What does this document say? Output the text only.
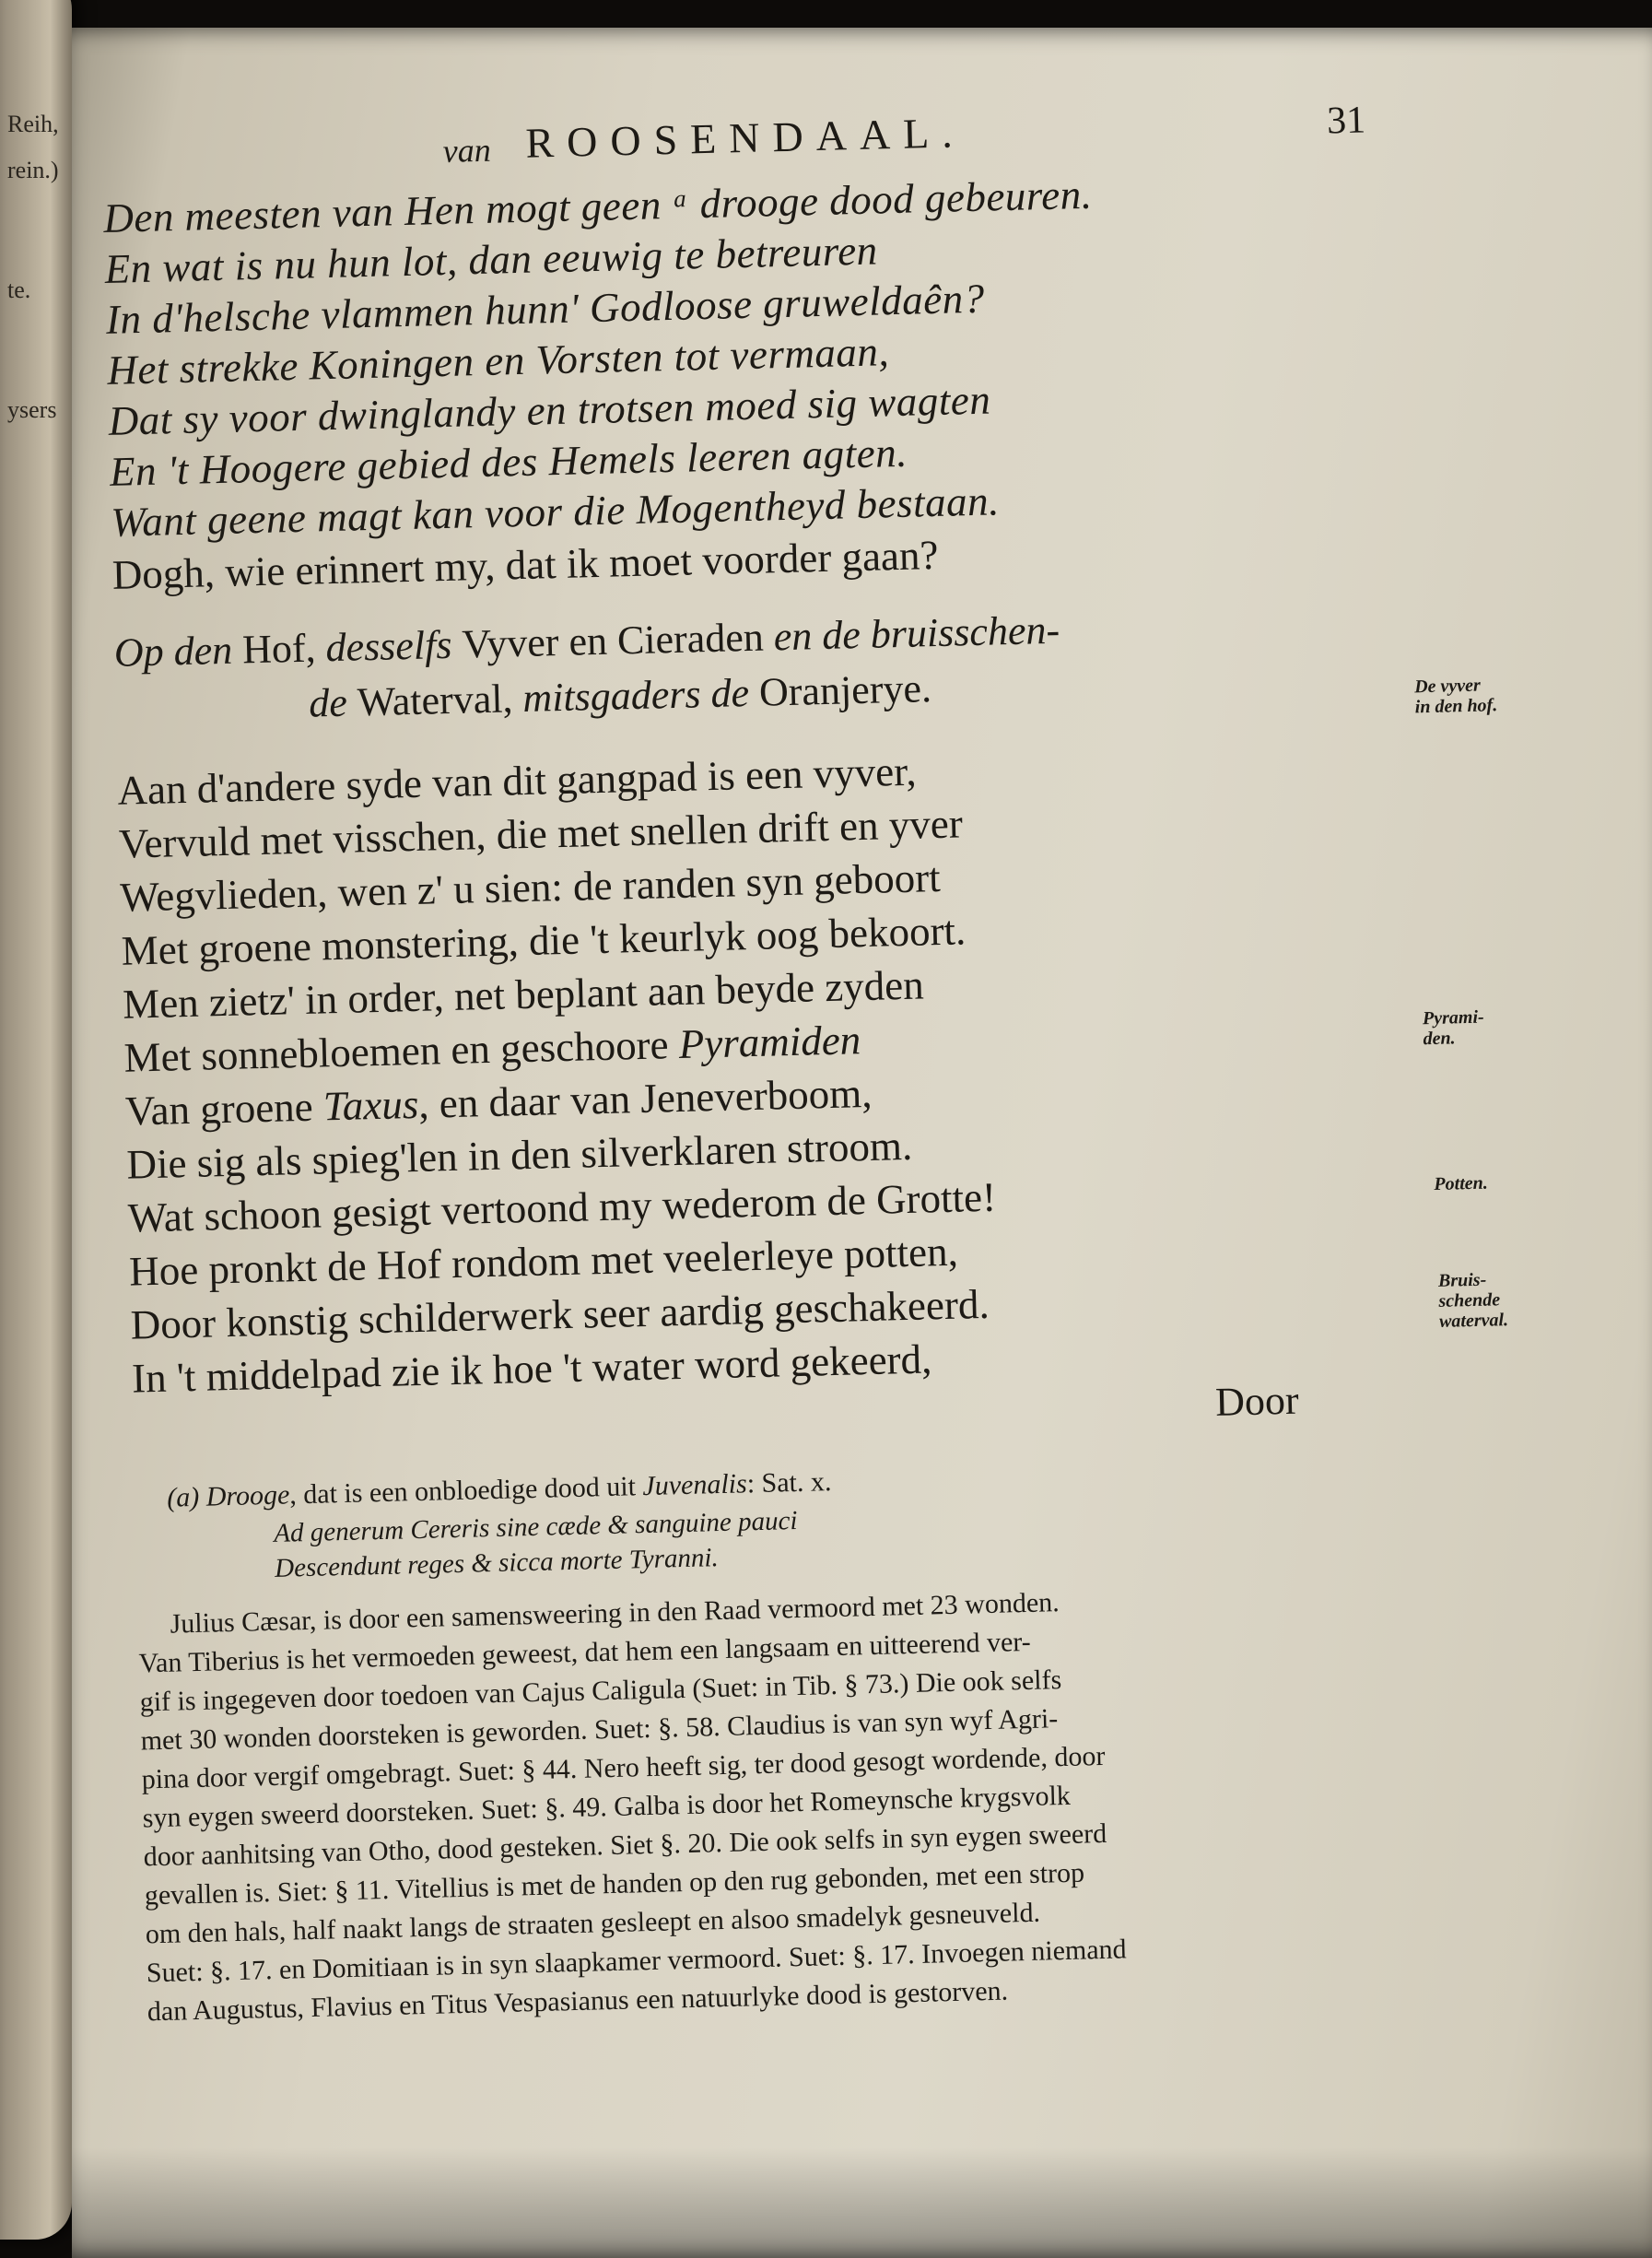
Reih,
rein.)
te.
ysers
van ROOSENDAAL.	31
Den meesten van Hen mogt geen ᵃ drooge dood gebeuren.
En wat is nu hun lot, dan eeuwig te betreuren
In d'helsche vlammen hunn' Godloose gruweldaên?
Het strekke Koningen en Vorsten tot vermaan,
Dat sy voor dwinglandy en trotsen moed sig wagten
En 't Hoogere gebied des Hemels leeren agten.
Want geene magt kan voor die Mogentheyd bestaan.
Dogh, wie erinnert my, dat ik moet voorder gaan?
Op den Hof, desselfs Vyver en Cieraden en de bruisschen-
de Waterval, mitsgaders de Oranjerye.
Aan d'andere syde van dit gangpad is een vyver,
Vervuld met visschen, die met snellen drift en yver
Wegvlieden, wen z' u sien: de randen syn geboort
Met groene monstering, die 't keurlyk oog bekoort.
Men zietz' in order, net beplant aan beyde zyden
Met sonnebloemen en geschoore Pyramiden
Van groene Taxus, en daar van Jeneverboom,
Die sig als spieg'len in den silverklaren stroom.
Wat schoon gesigt vertoond my wederom de Grotte!
Hoe pronkt de Hof rondom met veelerleye potten,
Door konstig schilderwerk seer aardig geschakeerd.
In 't middelpad zie ik hoe 't water word gekeerd,	Door
De vyver
in den hof.
Pyrami-
den.
Potten.
Bruis-
schende
waterval.
(a) Drooge, dat is een onbloedige dood uit Juvenalis: Sat. x.
Ad generum Cereris sine cæde & sanguine pauci
Descendunt reges & sicca morte Tyranni.
Julius Cæsar, is door een samensweering in den Raad vermoord met 23 wonden.
Van Tiberius is het vermoeden geweest, dat hem een langsaam en uitteerend ver-
gif is ingegeven door toedoen van Cajus Caligula (Suet: in Tib. § 73.) Die ook selfs
met 30 wonden doorsteken is geworden. Suet: §. 58. Claudius is van syn wyf Agri-
pina door vergif omgebragt. Suet: § 44. Nero heeft sig, ter dood gesogt wordende, door
syn eygen sweerd doorsteken. Suet: §. 49. Galba is door het Romeynsche krygsvolk
door aanhitsing van Otho, dood gesteken. Siet §. 20. Die ook selfs in syn eygen sweerd
gevallen is. Siet: § 11. Vitellius is met de handen op den rug gebonden, met een strop
om den hals, half naakt langs de straaten gesleept en alsoo smadelyk gesneuveld.
Suet: §. 17. en Domitiaan is in syn slaapkamer vermoord. Suet: §. 17. Invoegen niemand
dan Augustus, Flavius en Titus Vespasianus een natuurlyke dood is gestorven.
